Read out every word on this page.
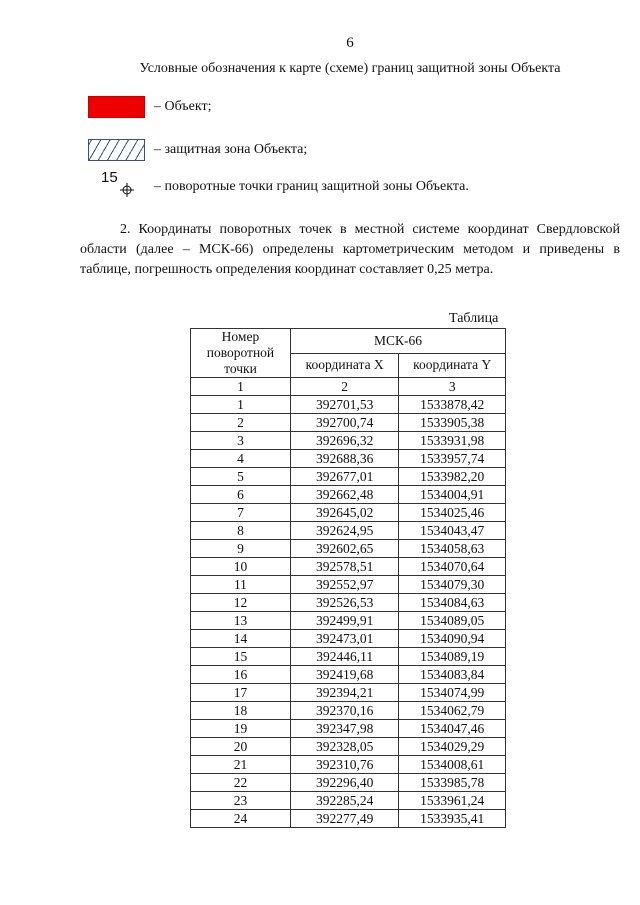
6
Условные обозначения к карте (схеме) границ защитной зоны Объекта
– Объект;
– защитная зона Объекта;
15
– поворотные точки границ защитной зоны Объекта.

2. Координаты поворотных точек в местной системе координат Свердловской области (далее – МСК-66) определены картометрическим методом и приведены в таблице, погрешность определения координат составляет 0,25 метра.

Таблица
Номер поворотной точки	МСК-66	
	координата X	координата Y
1	2	3
1	392701,53	1533878,42
2	392700,74	1533905,38
3	392696,32	1533931,98
4	392688,36	1533957,74
5	392677,01	1533982,20
6	392662,48	1534004,91
7	392645,02	1534025,46
8	392624,95	1534043,47
9	392602,65	1534058,63
10	392578,51	1534070,64
11	392552,97	1534079,30
12	392526,53	1534084,63
13	392499,91	1534089,05
14	392473,01	1534090,94
15	392446,11	1534089,19
16	392419,68	1534083,84
17	392394,21	1534074,99
18	392370,16	1534062,79
19	392347,98	1534047,46
20	392328,05	1534029,29
21	392310,76	1534008,61
22	392296,40	1533985,78
23	392285,24	1533961,24
24	392277,49	1533935,41
